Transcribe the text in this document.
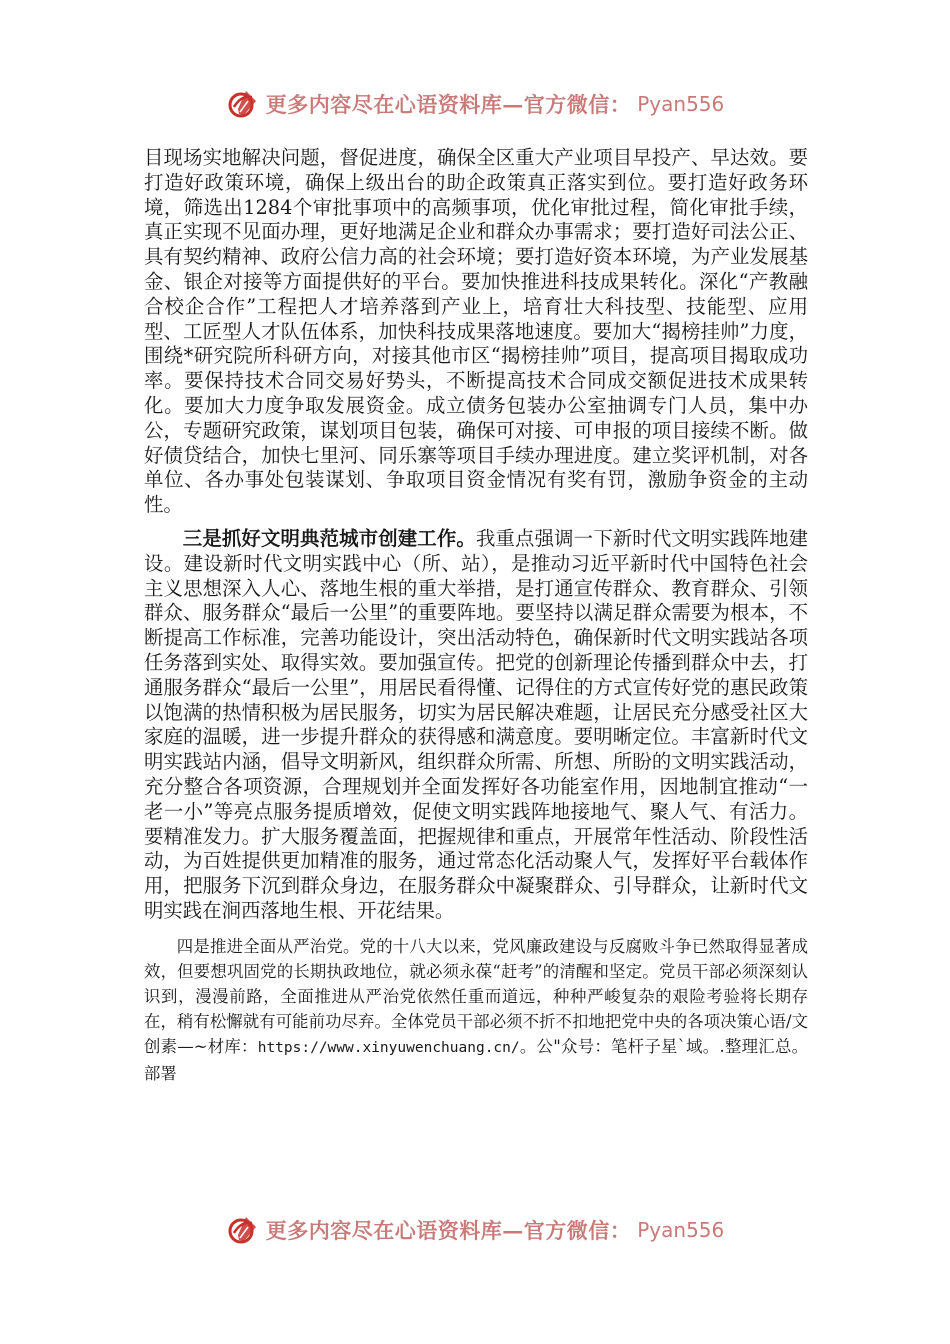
更多内容尽在心语资料库—官方微信： Pyan556

目现场实地解决问题，督促进度，确保全区重大产业项目早投产、早达效。要打造好政策环境，确保上级出台的助企政策真正落实到位。要打造好政务环境，筛选出1284个审批事项中的高频事项，优化审批过程，简化审批手续，真正实现不见面办理，更好地满足企业和群众办事需求；要打造好司法公正、具有契约精神、政府公信力高的社会环境；要打造好资本环境，为产业发展基金、银企对接等方面提供好的平台。要加快推进科技成果转化。深化“产教融合校企合作”工程把人才培养落到产业上，培育壮大科技型、技能型、应用型、工匠型人才队伍体系，加快科技成果落地速度。要加大“揭榜挂帅”力度，围绕*研究院所科研方向，对接其他市区“揭榜挂帅”项目，提高项目揭取成功率。要保持技术合同交易好势头，不断提高技术合同成交额促进技术成果转化。要加大力度争取发展资金。成立债务包装办公室抽调专门人员，集中办公，专题研究政策，谋划项目包装，确保可对接、可申报的项目接续不断。做好债贷结合，加快七里河、同乐寨等项目手续办理进度。建立奖评机制，对各单位、各办事处包装谋划、争取项目资金情况有奖有罚，激励争资金的主动性。

三是抓好文明典范城市创建工作。我重点强调一下新时代文明实践阵地建设。建设新时代文明实践中心（所、站），是推动习近平新时代中国特色社会主义思想深入人心、落地生根的重大举措，是打通宣传群众、教育群众、引领群众、服务群众“最后一公里”的重要阵地。要坚持以满足群众需要为根本，不断提高工作标准，完善功能设计，突出活动特色，确保新时代文明实践站各项任务落到实处、取得实效。要加强宣传。把党的创新理论传播到群众中去，打通服务群众“最后一公里”，用居民看得懂、记得住的方式宣传好党的惠民政策以饱满的热情积极为居民服务，切实为居民解决难题，让居民充分感受社区大家庭的温暖，进一步提升群众的获得感和满意度。要明晰定位。丰富新时代文明实践站内涵，倡导文明新风，组织群众所需、所想、所盼的文明实践活动，充分整合各项资源，合理规划并全面发挥好各功能室作用，因地制宜推动“一老一小”等亮点服务提质增效，促使文明实践阵地接地气、聚人气、有活力。要精准发力。扩大服务覆盖面，把握规律和重点，开展常年性活动、阶段性活动，为百姓提供更加精准的服务，通过常态化活动聚人气，发挥好平台载体作用，把服务下沉到群众身边，在服务群众中凝聚群众、引导群众，让新时代文明实践在涧西落地生根、开花结果。

四是推进全面从严治党。党的十八大以来，党风廉政建设与反腐败斗争已然取得显著成效，但要想巩固党的长期执政地位，就必须永葆“赶考”的清醒和坚定。党员干部必须深刻认识到，漫漫前路，全面推进从严治党依然任重而道远，种种严峻复杂的艰险考验将长期存在，稍有松懈就有可能前功尽弃。全体党员干部必须不折不扣地把党中央的各项决策心语/文创素—~材库：https://www.xinyuwenchuang.cn/。公"众号：笔杆子星`域。.整理汇总。部署

更多内容尽在心语资料库—官方微信： Pyan556
